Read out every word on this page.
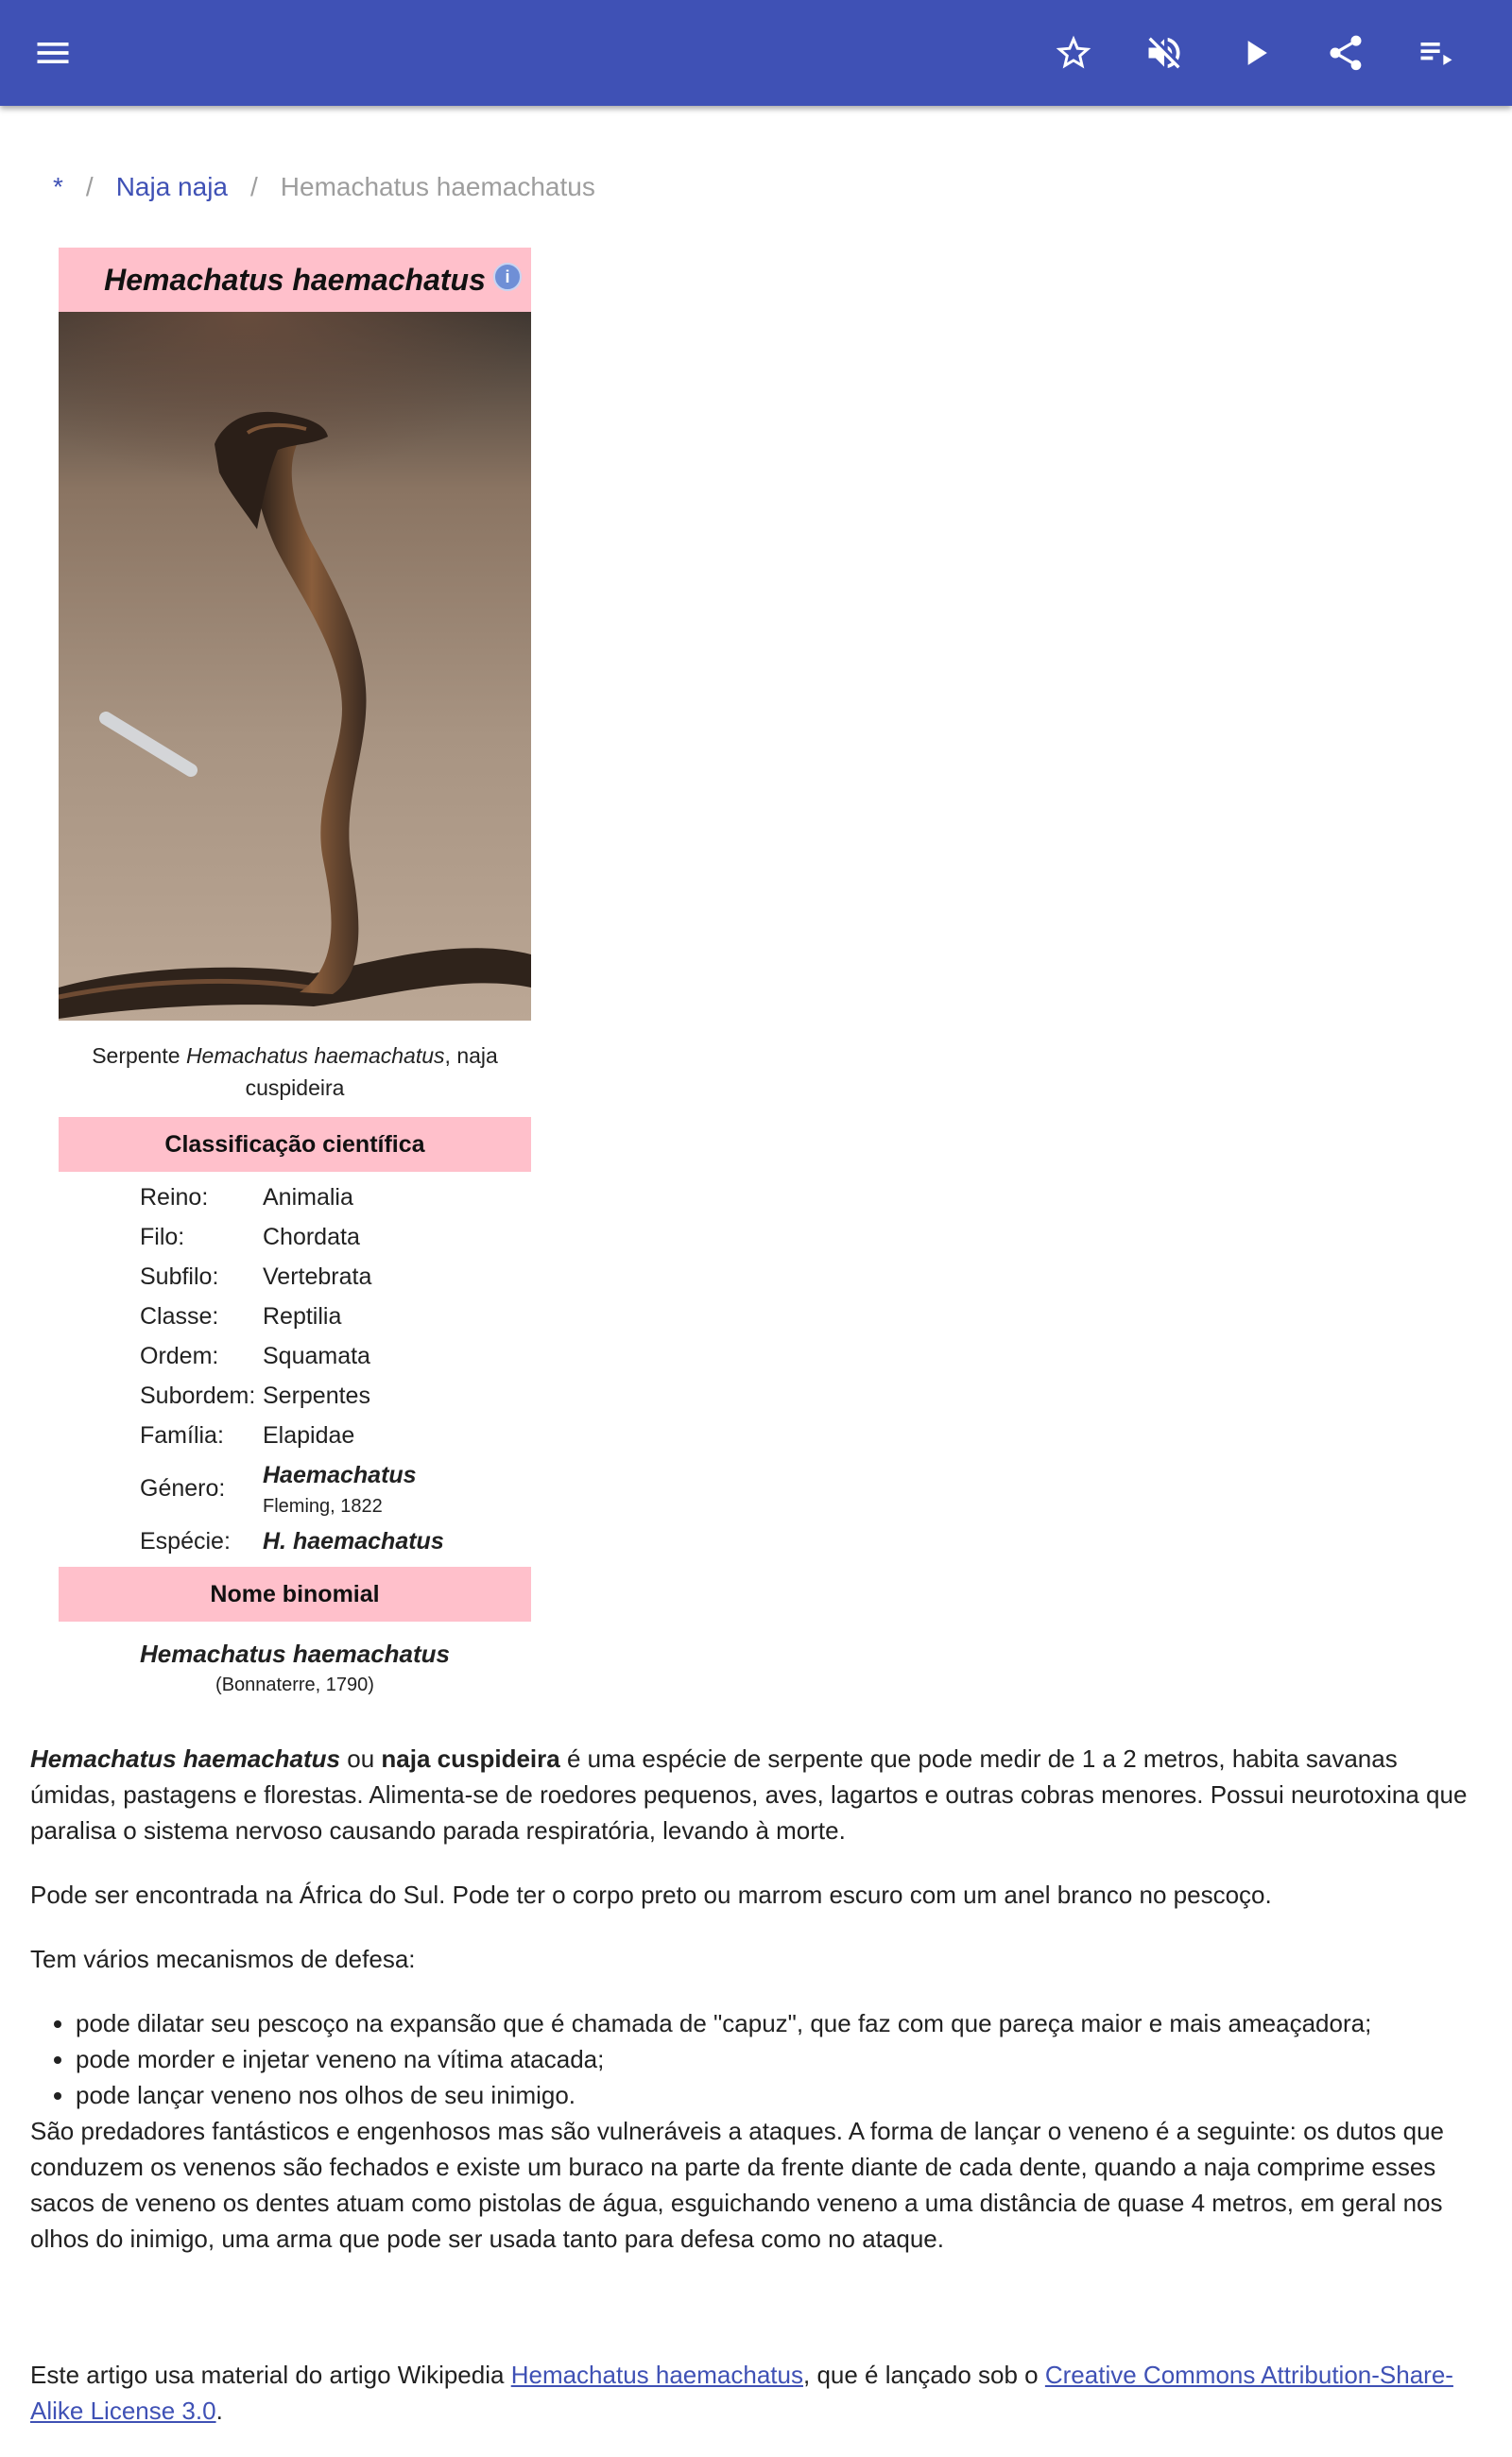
* / Naja naja / Hemachatus haemachatus
Hemachatus haemachatus	i
Serpente Hemachatus haemachatus, naja cuspideira
Classificação científica
Reino:	Animalia
Filo:	Chordata
Subfilo:	Vertebrata
Classe:	Reptilia
Ordem:	Squamata
Subordem:	Serpentes
Família:	Elapidae
Género:	Haemachatus
Fleming, 1822

Espécie:	H. haemachatus
Nome binomial
Hemachatus haemachatus
(Bonnaterre, 1790)

Hemachatus haemachatus ou naja cuspideira é uma espécie de serpente que pode medir de 1 a 2 metros, habita savanas úmidas, pastagens e florestas. Alimenta-se de roedores pequenos, aves, lagartos e outras cobras menores. Possui neurotoxina que paralisa o sistema nervoso causando parada respiratória, levando à morte.

Pode ser encontrada na África do Sul. Pode ter o corpo preto ou marrom escuro com um anel branco no pescoço.

Tem vários mecanismos de defesa:

• pode dilatar seu pescoço na expansão que é chamada de "capuz", que faz com que pareça maior e mais ameaçadora;
• pode morder e injetar veneno na vítima atacada;
• pode lançar veneno nos olhos de seu inimigo.

São predadores fantásticos e engenhosos mas são vulneráveis a ataques. A forma de lançar o veneno é a seguinte: os dutos que conduzem os venenos são fechados e existe um buraco na parte da frente diante de cada dente, quando a naja comprime esses sacos de veneno os dentes atuam como pistolas de água, esguichando veneno a uma distância de quase 4 metros, em geral nos olhos do inimigo, uma arma que pode ser usada tanto para defesa como no ataque.

Este artigo usa material do artigo Wikipedia Hemachatus haemachatus, que é lançado sob o Creative Commons Attribution-Share-Alike License 3.0.
